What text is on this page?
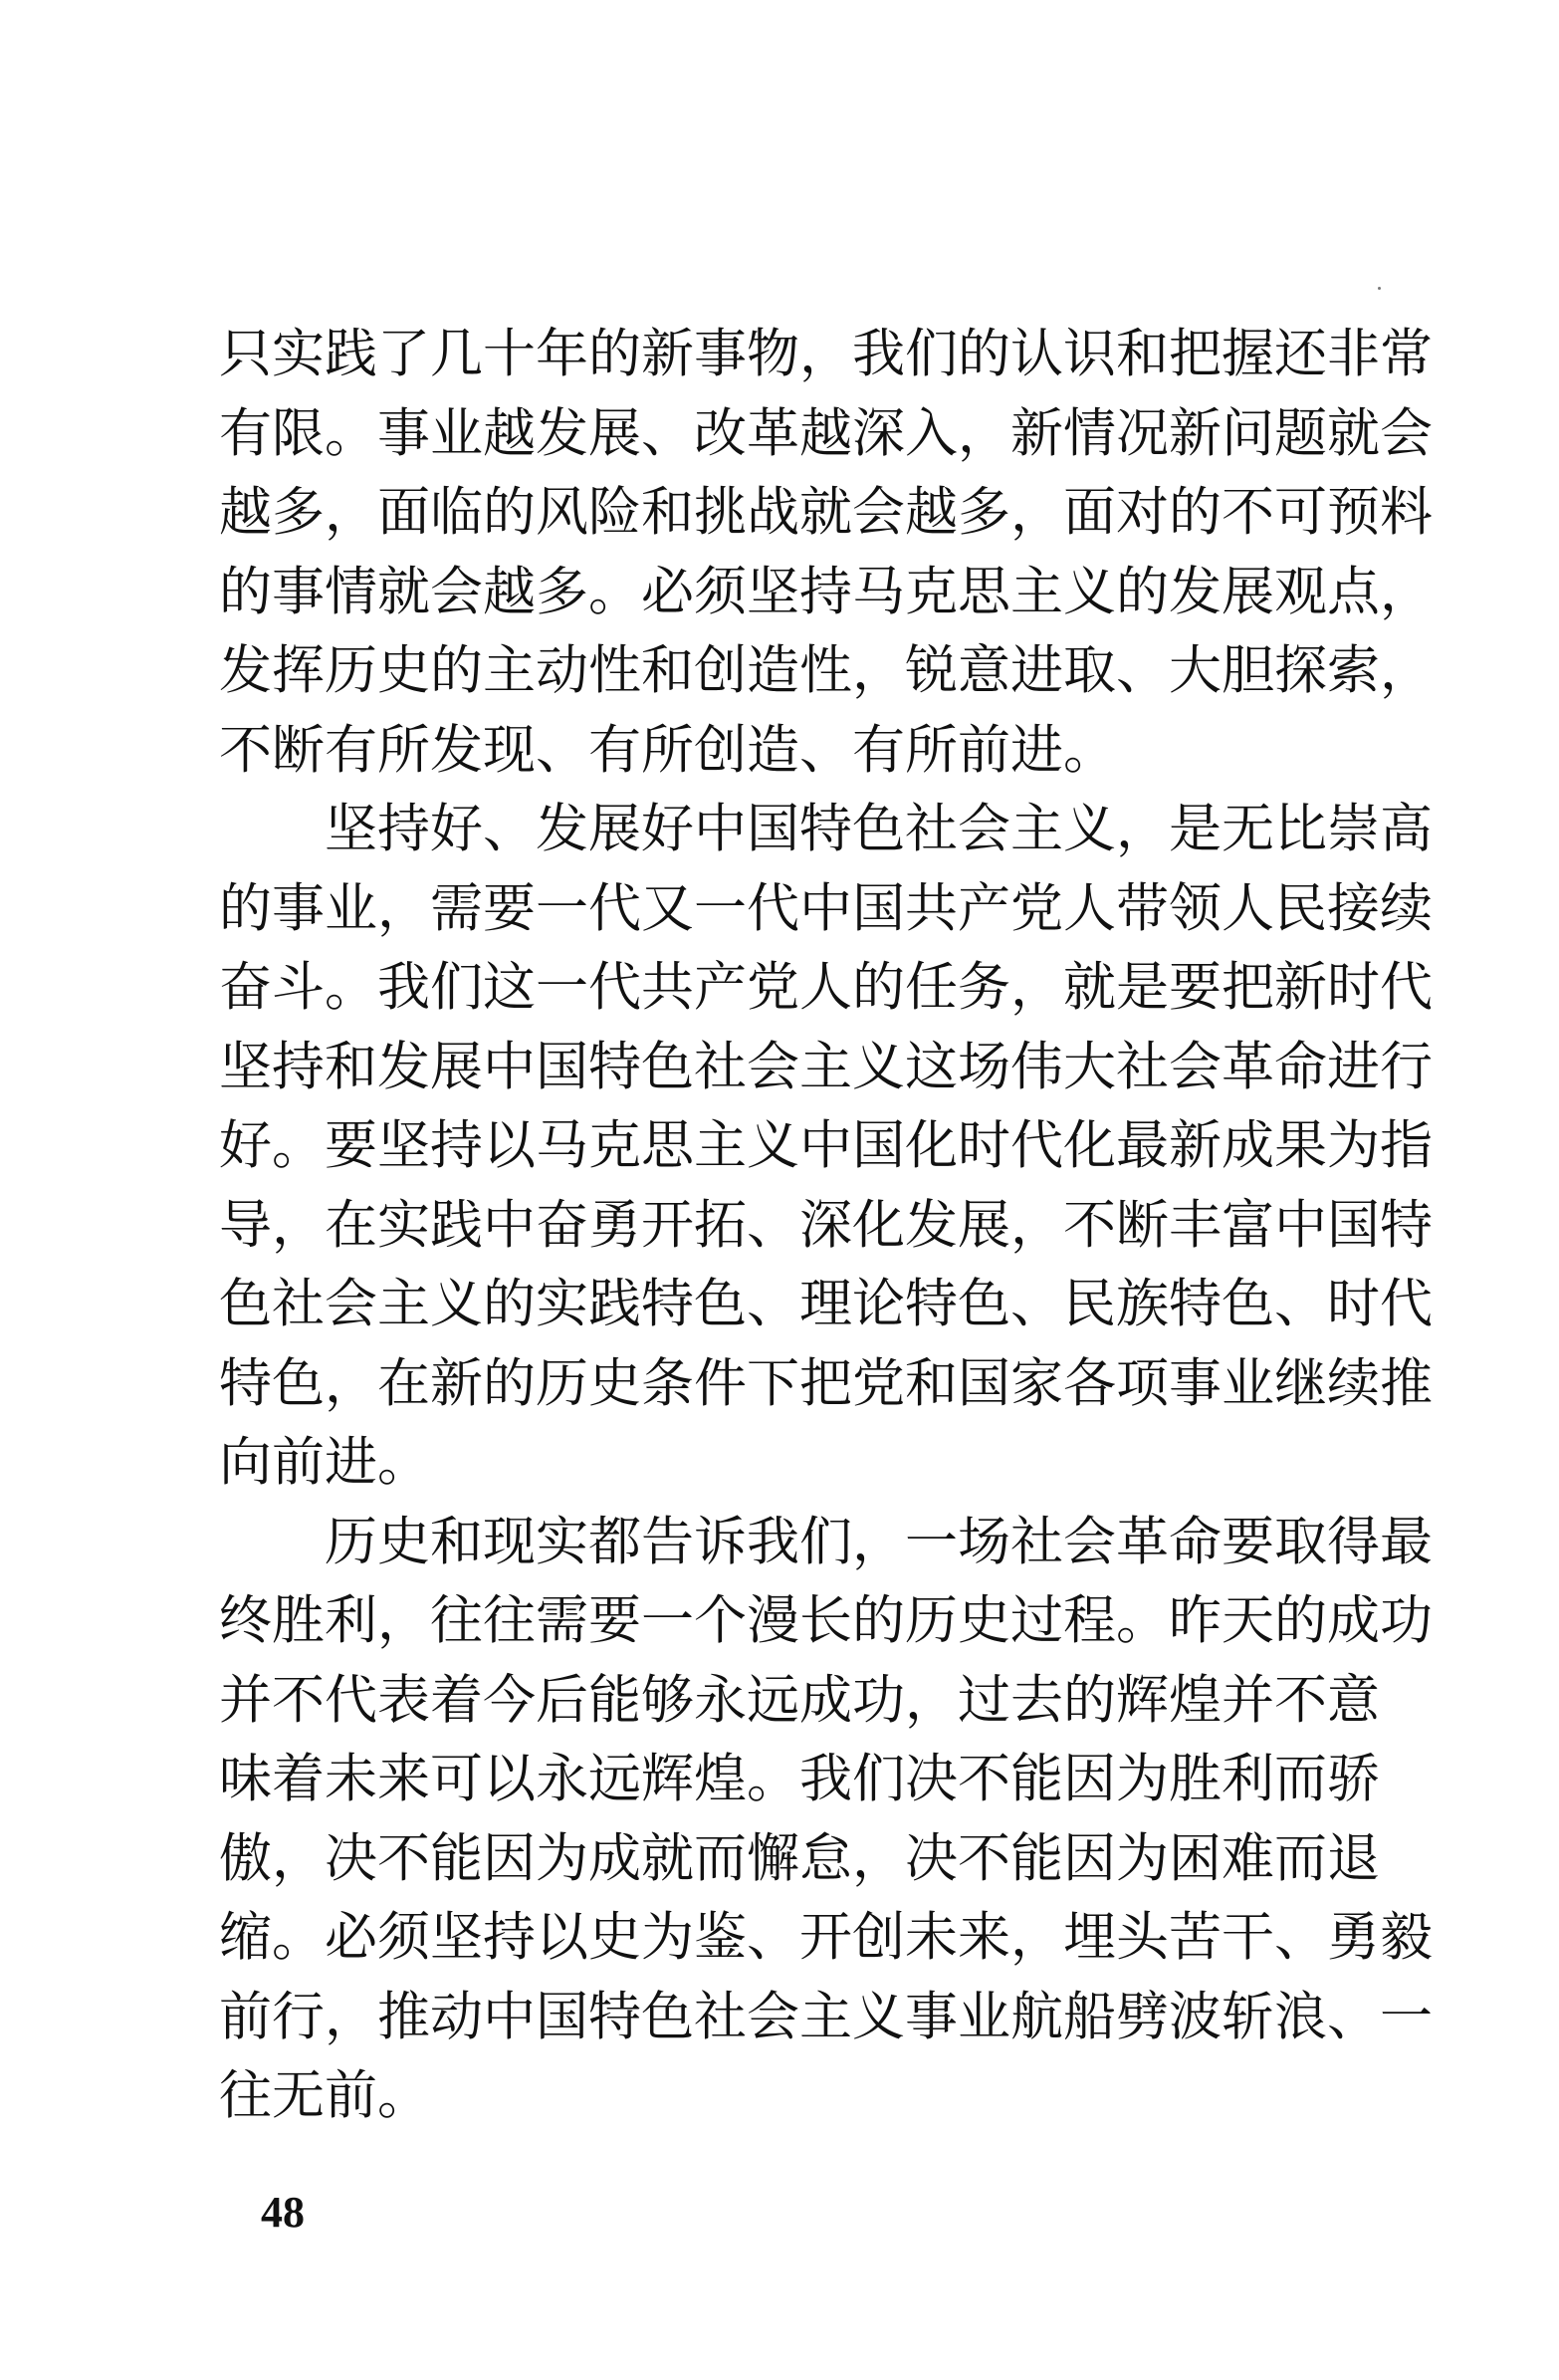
只实践了几十年的新事物，我们的认识和把握还非常
有限。事业越发展、改革越深入，新情况新问题就会
越多，面临的风险和挑战就会越多，面对的不可预料
的事情就会越多。必须坚持马克思主义的发展观点，
发挥历史的主动性和创造性，锐意进取、大胆探索，
不断有所发现、有所创造、有所前进。
　　坚持好、发展好中国特色社会主义，是无比崇高
的事业，需要一代又一代中国共产党人带领人民接续
奋斗。我们这一代共产党人的任务，就是要把新时代
坚持和发展中国特色社会主义这场伟大社会革命进行
好。要坚持以马克思主义中国化时代化最新成果为指
导，在实践中奋勇开拓、深化发展，不断丰富中国特
色社会主义的实践特色、理论特色、民族特色、时代
特色，在新的历史条件下把党和国家各项事业继续推
向前进。
　　历史和现实都告诉我们，一场社会革命要取得最
终胜利，往往需要一个漫长的历史过程。昨天的成功
并不代表着今后能够永远成功，过去的辉煌并不意
味着未来可以永远辉煌。我们决不能因为胜利而骄
傲，决不能因为成就而懈怠，决不能因为困难而退
缩。必须坚持以史为鉴、开创未来，埋头苦干、勇毅
前行，推动中国特色社会主义事业航船劈波斩浪、一
往无前。
48
